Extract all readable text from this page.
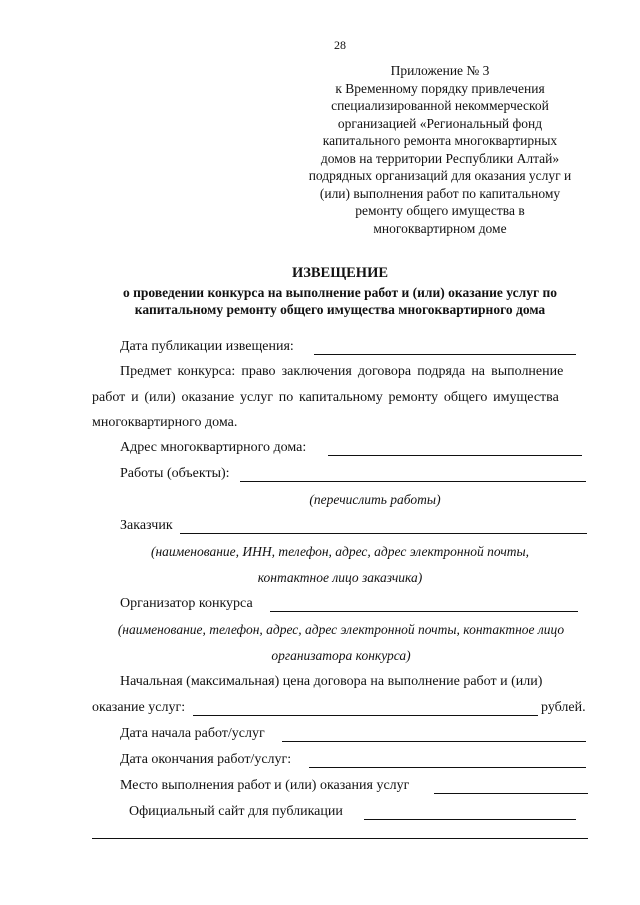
28
Приложение № 3
к Временному порядку привлечения
специализированной некоммерческой
организацией «Региональный фонд
капитального ремонта многоквартирных
домов на территории Республики Алтай»
подрядных организаций для оказания услуг и
(или) выполнения работ по капитальному
ремонту общего имущества в
многоквартирном доме
ИЗВЕЩЕНИЕ
о проведении конкурса на выполнение работ и (или) оказание услуг по
капитальному ремонту общего имущества многоквартирного дома
Дата публикации извещения:
Предмет конкурса: право заключения договора подряда на выполнение
работ и (или) оказание услуг по капитальному ремонту общего имущества
многоквартирного дома.
Адрес многоквартирного дома:
Работы (объекты):
(перечислить работы)
Заказчик
(наименование, ИНН, телефон, адрес, адрес электронной почты,
контактное лицо заказчика)
Организатор конкурса
(наименование, телефон, адрес, адрес электронной почты, контактное лицо
организатора конкурса)
Начальная (максимальная) цена договора на выполнение работ и (или)
оказание услуг:	рублей.
Дата начала работ/услуг
Дата окончания работ/услуг:
Место выполнения работ и (или) оказания услуг
Официальный сайт для публикации
